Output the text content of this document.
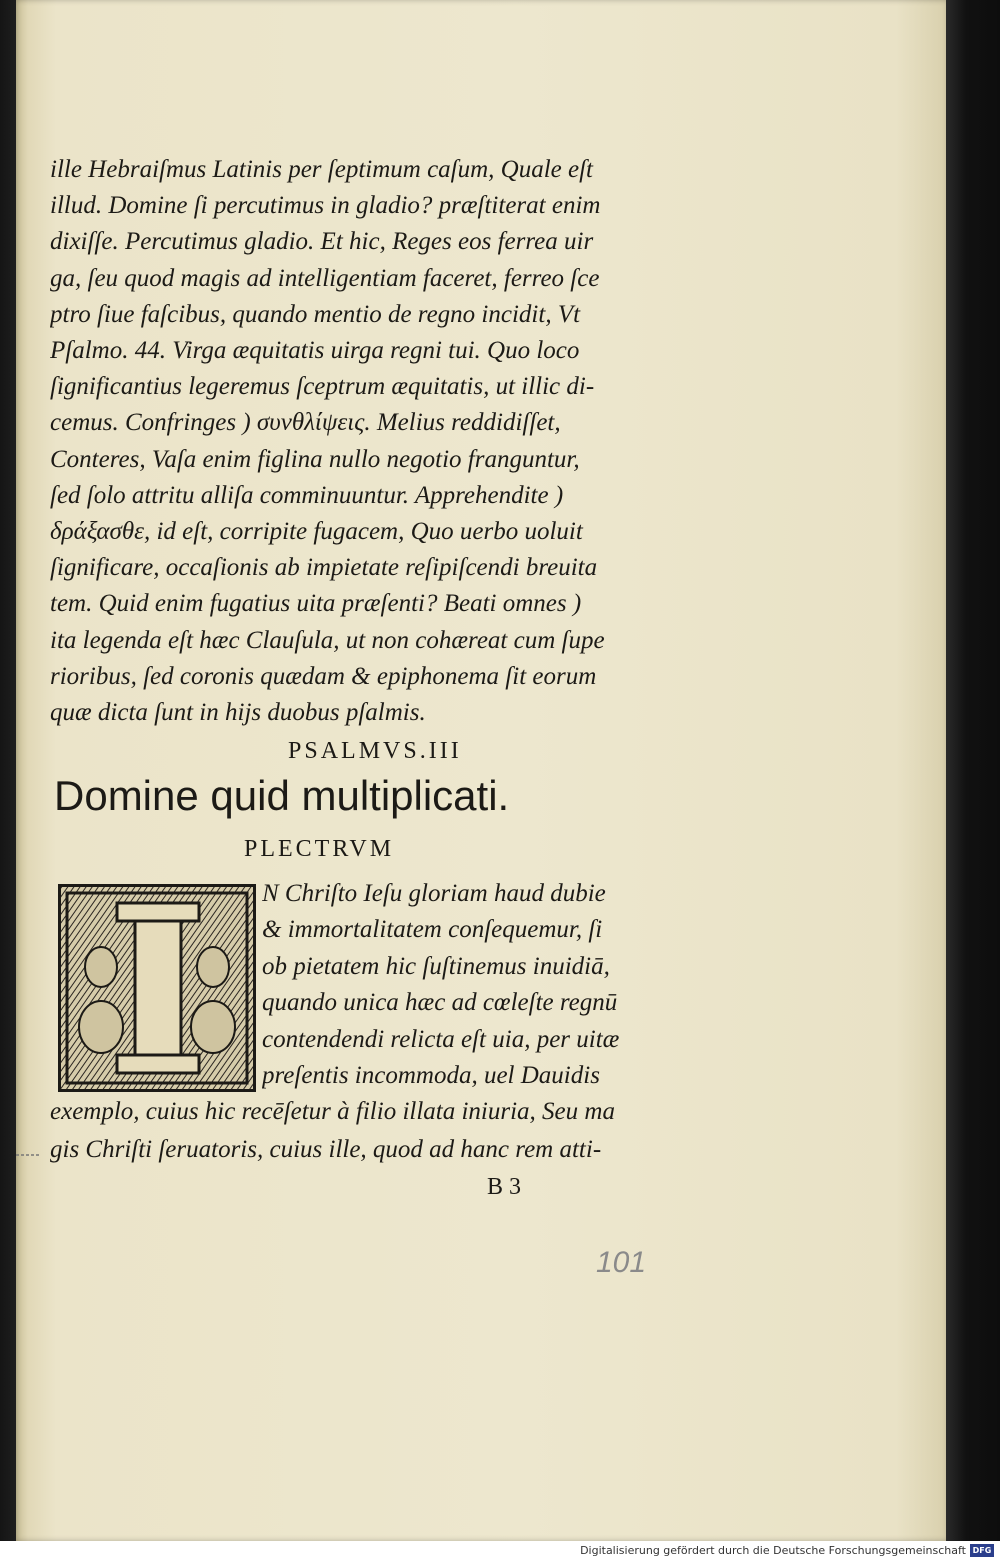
ille Hebraiſmus Latinis per ſeptimum caſum, Quale eſt
illud. Domine ſi percutimus in gladio? præſtiterat enim
dixiſſe. Percutimus gladio. Et hic, Reges eos ferrea uir
ga, ſeu quod magis ad intelligentiam faceret, ferreo ſce
ptro ſiue faſcibus, quando mentio de regno incidit, Vt
Pſalmo. 44. Virga æquitatis uirga regni tui. Quo loco
ſignificantius legeremus ſceptrum æquitatis, ut illic di-
cemus. Confringes ) συνθλίψεις. Melius reddidiſſet,
Conteres, Vaſa enim figlina nullo negotio franguntur,
ſed ſolo attritu alliſa comminuuntur. Apprehendite )
δράξασθε, id eſt, corripite fugacem, Quo uerbo uoluit
ſignificare, occaſionis ab impietate reſipiſcendi breuita
tem. Quid enim fugatius uita præſenti? Beati omnes )
ita legenda eſt hæc Clauſula, ut non cohæreat cum ſupe
rioribus, ſed coronis quædam & epiphonema ſit eorum
quæ dicta ſunt in hijs duobus pſalmis.
PSALMVS.III
Domine quid multiplicati.
PLECTRVM
N Chriſto Ieſu gloriam haud dubie
& immortalitatem conſequemur, ſi
ob pietatem hic ſuſtinemus inuidiā,
quando unica hæc ad cœleſte regnū
contendendi relicta eſt uia, per uitæ
preſentis incommoda, uel Dauidis
exemplo, cuius hic recēſetur à filio illata iniuria, Seu ma
gis Chriſti ſeruatoris, cuius ille, quod ad hanc rem atti-
B 3
101
Digitalisierung gefördert durch die Deutsche Forschungsgemeinschaft DFG
